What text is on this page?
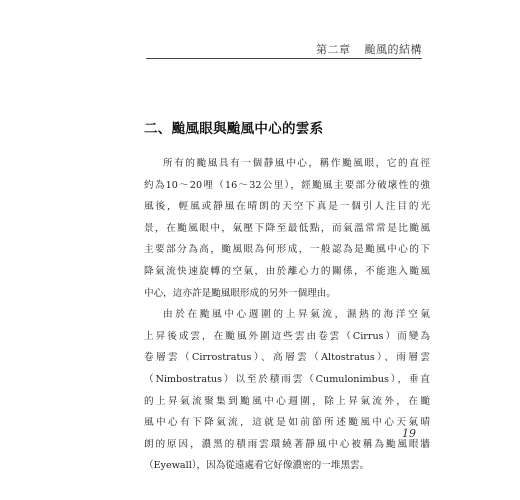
第二章 颱風的結構
二、颱風眼與颱風中心的雲系
所有的颱風具有一個靜風中心，稱作颱風眼，它的直徑
約為10～20哩（16～32公里），經颱風主要部分破壞性的強
風後，輕風或靜風在晴朗的天空下真是一個引人注目的光
景，在颱風眼中，氣壓下降至最低點，而氣溫常常是比颱風
主要部分為高，颱風眼為何形成，一般認為是颱風中心的下
降氣流快速旋轉的空氣，由於離心力的關係，不能進入颱風
中心，這亦許是颱風眼形成的另外一個理由。
由於在颱風中心週圍的上昇氣流，濕熱的海洋空氣
上昇後成雲，在颱風外圍這些雲由卷雲（Cirrus）而變為
卷層雲（Cirrostratus）、高層雲（Altostratus）、雨層雲
（Nimbostratus）以至於積雨雲（Cumulonimbus），垂直
的上昇氣流聚集到颱風中心週圍，除上昇氣流外，在颱
風中心有下降氣流，這就是如前節所述颱風中心天氣晴
朗的原因，濃黑的積雨雲環繞著靜風中心被稱為颱風眼牆
（Eyewall），因為從遠處看它好像濃密的一堆黑雲。
19
